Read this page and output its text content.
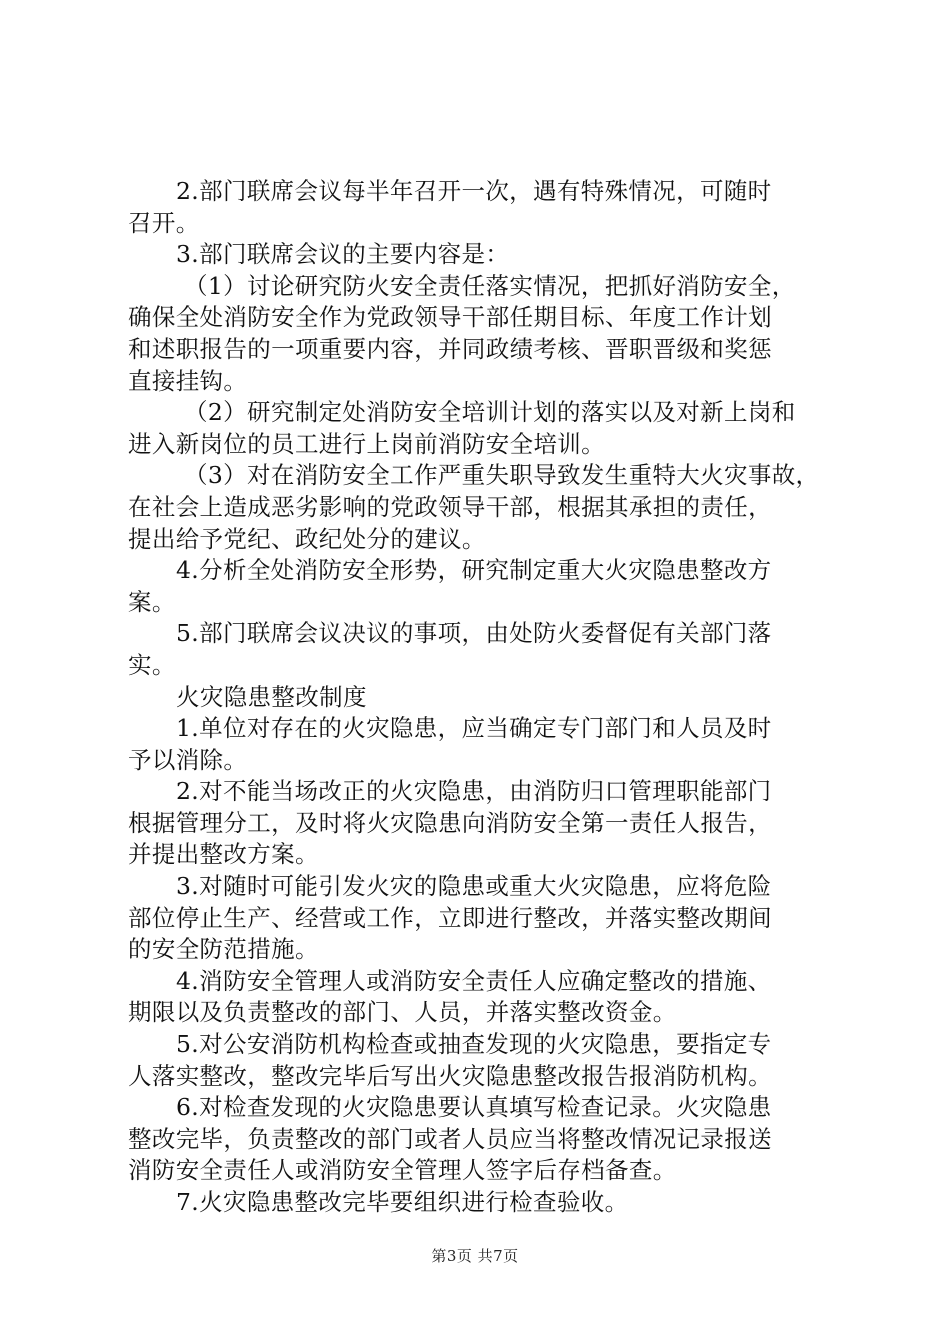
2.部门联席会议每半年召开一次，遇有特殊情况，可随时
召开。
3.部门联席会议的主要内容是：
（1）讨论研究防火安全责任落实情况，把抓好消防安全，
确保全处消防安全作为党政领导干部任期目标、年度工作计划
和述职报告的一项重要内容，并同政绩考核、晋职晋级和奖惩
直接挂钩。
（2）研究制定处消防安全培训计划的落实以及对新上岗和
进入新岗位的员工进行上岗前消防安全培训。
（3）对在消防安全工作严重失职导致发生重特大火灾事故，
在社会上造成恶劣影响的党政领导干部，根据其承担的责任，
提出给予党纪、政纪处分的建议。
4.分析全处消防安全形势，研究制定重大火灾隐患整改方
案。
5.部门联席会议决议的事项，由处防火委督促有关部门落
实。
火灾隐患整改制度
1.单位对存在的火灾隐患，应当确定专门部门和人员及时
予以消除。
2.对不能当场改正的火灾隐患，由消防归口管理职能部门
根据管理分工，及时将火灾隐患向消防安全第一责任人报告，
并提出整改方案。
3.对随时可能引发火灾的隐患或重大火灾隐患，应将危险
部位停止生产、经营或工作，立即进行整改，并落实整改期间
的安全防范措施。
4.消防安全管理人或消防安全责任人应确定整改的措施、
期限以及负责整改的部门、人员，并落实整改资金。
5.对公安消防机构检查或抽查发现的火灾隐患，要指定专
人落实整改，整改完毕后写出火灾隐患整改报告报消防机构。
6.对检查发现的火灾隐患要认真填写检查记录。火灾隐患
整改完毕，负责整改的部门或者人员应当将整改情况记录报送
消防安全责任人或消防安全管理人签字后存档备查。
7.火灾隐患整改完毕要组织进行检查验收。
第3页 共7页
